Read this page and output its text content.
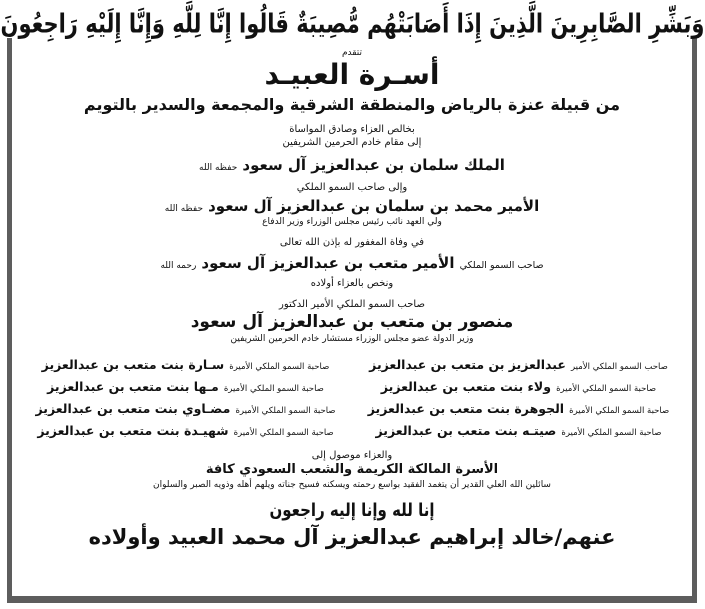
وَبَشِّرِ الصَّابِرِينَ الَّذِينَ إِذَا أَصَابَتْهُم مُّصِيبَةٌ قَالُوا إِنَّا لِلَّهِ وَإِنَّا إِلَيْهِ رَاجِعُونَ
تتقدم
أسـرة العبيـد
من قبيلة عنزة بالرياض والمنطقة الشرقية والمجمعة والسدير بالتويم
بخالص العزاء وصادق المواساة
إلى مقام خادم الحرمين الشريفين
الملك سلمان بن عبدالعزيز آل سعود حفظه الله
وإلى صاحب السمو الملكي
الأمير محمد بن سلمان بن عبدالعزيز آل سعود حفظه الله
ولي العهد نائب رئيس مجلس الوزراء وزير الدفاع
في وفاة المغفور له بإذن الله تعالى
صاحب السمو الملكي الأمير متعب بن عبدالعزيز آل سعود رحمه الله
ونخص بالعزاء أولاده
صاحب السمو الملكي الأمير الدكتور
منصور بن متعب بن عبدالعزيز آل سعود
وزير الدولة عضو مجلس الوزراء مستشار خادم الحرمين الشريفين
صاحب السمو الملكي الأمير عبدالعزيز بن متعب بن عبدالعزيز
صاحبة السمو الملكي الأميرة سـارة بنت متعب بن عبدالعزيز
صاحبة السمو الملكي الأميرة ولاء بنت متعب بن عبدالعزيز
صاحبة السمو الملكي الأميرة مـها بنت متعب بن عبدالعزيز
صاحبة السمو الملكي الأميرة الجوهرة بنت متعب بن عبدالعزيز
صاحبة السمو الملكي الأميرة مضـاوي بنت متعب بن عبدالعزيز
صاحبة السمو الملكي الأميرة صيتـه بنت متعب بن عبدالعزيز
صاحبة السمو الملكي الأميرة شهيـدة بنت متعب بن عبدالعزيز
والعزاء موصول إلى
الأسرة المالكة الكريمة والشعب السعودي كافة
سائلين الله العلي القدير أن يتغمد الفقيد بواسع رحمته ويسكنه فسيح جناته ويلهم أهله وذويه الصبر والسلوان
إنا لله وإنا إليه راجعون
عنهم/خالد إبراهيم عبدالعزيز آل محمد العبيد وأولاده
